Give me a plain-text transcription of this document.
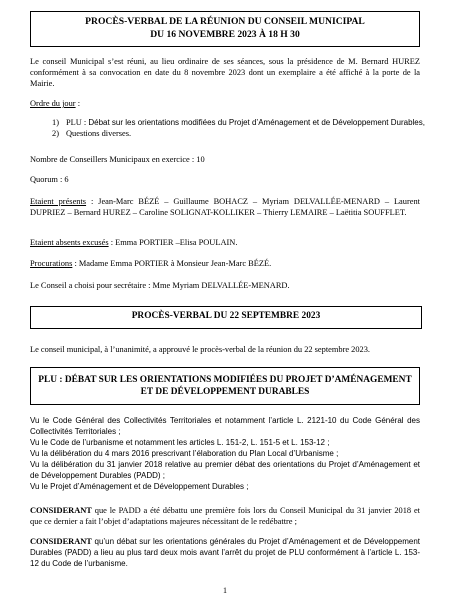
PROCÈS-VERBAL DE LA RÉUNION DU CONSEIL MUNICIPAL
DU 16 NOVEMBRE 2023 À 18 H 30
Le conseil Municipal s’est réuni, au lieu ordinaire de ses séances, sous la présidence de M. Bernard HUREZ conformément à sa convocation en date du 8 novembre 2023 dont un exemplaire a été affiché à la porte de la Mairie.
Ordre du jour :
1) PLU : Débat sur les orientations modifiées du Projet d’Aménagement et de Développement Durables,
2) Questions diverses.
Nombre de Conseillers Municipaux en exercice : 10
Quorum : 6
Etaient présents : Jean-Marc BÉZÉ – Guillaume BOHACZ – Myriam DELVALLÉE-MENARD – Laurent DUPRIEZ – Bernard HUREZ – Caroline SOLIGNAT-KOLLIKER – Thierry LEMAIRE – Laëtitia SOUFFLET.
Etaient absents excusés : Emma PORTIER –Elisa POULAIN.
Procurations : Madame Emma PORTIER à Monsieur Jean-Marc BÉZÉ.
Le Conseil a choisi pour secrétaire : Mme Myriam DELVALLÉE-MENARD.
PROCÈS-VERBAL DU 22 SEPTEMBRE 2023
Le conseil municipal, à l’unanimité, a approuvé le procès-verbal de la réunion du 22 septembre 2023.
PLU : DÉBAT SUR LES ORIENTATIONS MODIFIÉES DU PROJET D’AMÉNAGEMENT
ET DE DÉVELOPPEMENT DURABLES
Vu le Code Général des Collectivités Territoriales et notamment l’article L. 2121-10 du Code Général des Collectivités Territoriales ;
Vu le Code de l’urbanisme et notamment les articles L. 151-2, L. 151-5 et L. 153-12 ;
Vu la délibération du 4 mars 2016 prescrivant l’élaboration du Plan Local d’Urbanisme ;
Vu la délibération du 31 janvier 2018 relative au premier débat des orientations du Projet d’Aménagement et de Développement Durables (PADD) ;
Vu le Projet d’Aménagement et de Développement Durables ;
CONSIDERANT que le PADD a été débattu une première fois lors du Conseil Municipal du 31 janvier 2018 et que ce dernier a fait l’objet d’adaptations majeures nécessitant de le redébattre ;
CONSIDERANT qu’un débat sur les orientations générales du Projet d’Aménagement et de Développement Durables (PADD) a lieu au plus tard deux mois avant l’arrêt du projet de PLU conformément à l’article L. 153-12 du Code de l’urbanisme.
1
